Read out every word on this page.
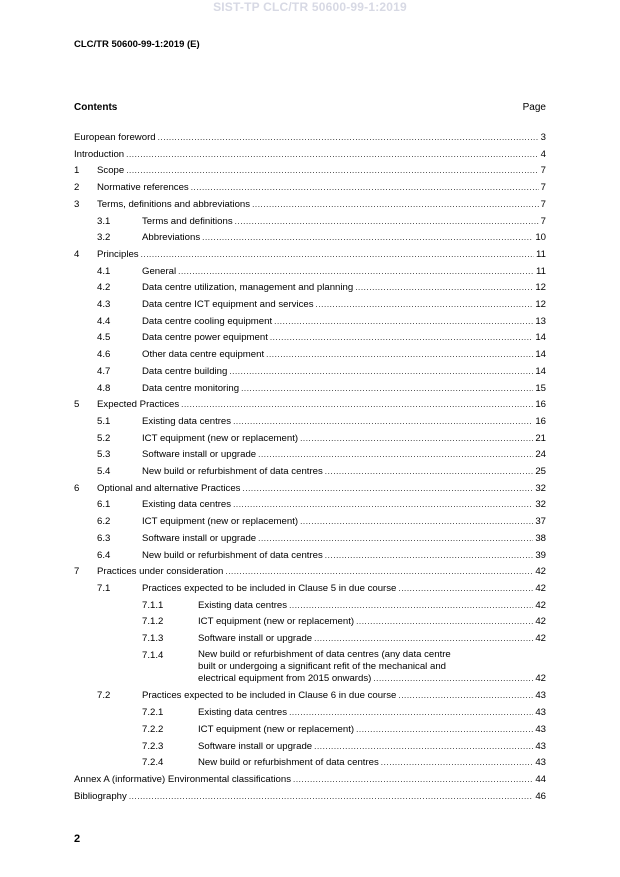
SIST-TP CLC/TR 50600-99-1:2019
CLC/TR 50600-99-1:2019 (E)
Contents	Page
European foreword .....	3
Introduction .....	4
1 Scope .....	7
2 Normative references .....	7
3 Terms, definitions and abbreviations .....	7
3.1	Terms and definitions .....	7
3.2	Abbreviations .....	10
4 Principles .....	11
4.1	General .....	11
4.2	Data centre utilization, management and planning .....	12
4.3	Data centre ICT equipment and services .....	12
4.4	Data centre cooling equipment .....	13
4.5	Data centre power equipment .....	14
4.6	Other data centre equipment .....	14
4.7	Data centre building .....	14
4.8	Data centre monitoring .....	15
5 Expected Practices .....	16
5.1	Existing data centres .....	16
5.2	ICT equipment (new or replacement) .....	21
5.3	Software install or upgrade .....	24
5.4	New build or refurbishment of data centres .....	25
6 Optional and alternative Practices .....	32
6.1	Existing data centres .....	32
6.2	ICT equipment (new or replacement) .....	37
6.3	Software install or upgrade .....	38
6.4	New build or refurbishment of data centres .....	39
7 Practices under consideration .....	42
7.1	Practices expected to be included in Clause 5 in due course .....	42
7.1.1	Existing data centres .....	42
7.1.2	ICT equipment (new or replacement) .....	42
7.1.3	Software install or upgrade .....	42
7.1.4	New build or refurbishment of data centres (any data centre
built or undergoing a significant refit of the mechanical and
electrical equipment from 2015 onwards) .....	42
7.2	Practices expected to be included in Clause 6 in due course .....	43
7.2.1	Existing data centres .....	43
7.2.2	ICT equipment (new or replacement) .....	43
7.2.3	Software install or upgrade .....	43
7.2.4	New build or refurbishment of data centres .....	43
Annex A (informative) Environmental classifications .....	44
Bibliography .....	46
2
